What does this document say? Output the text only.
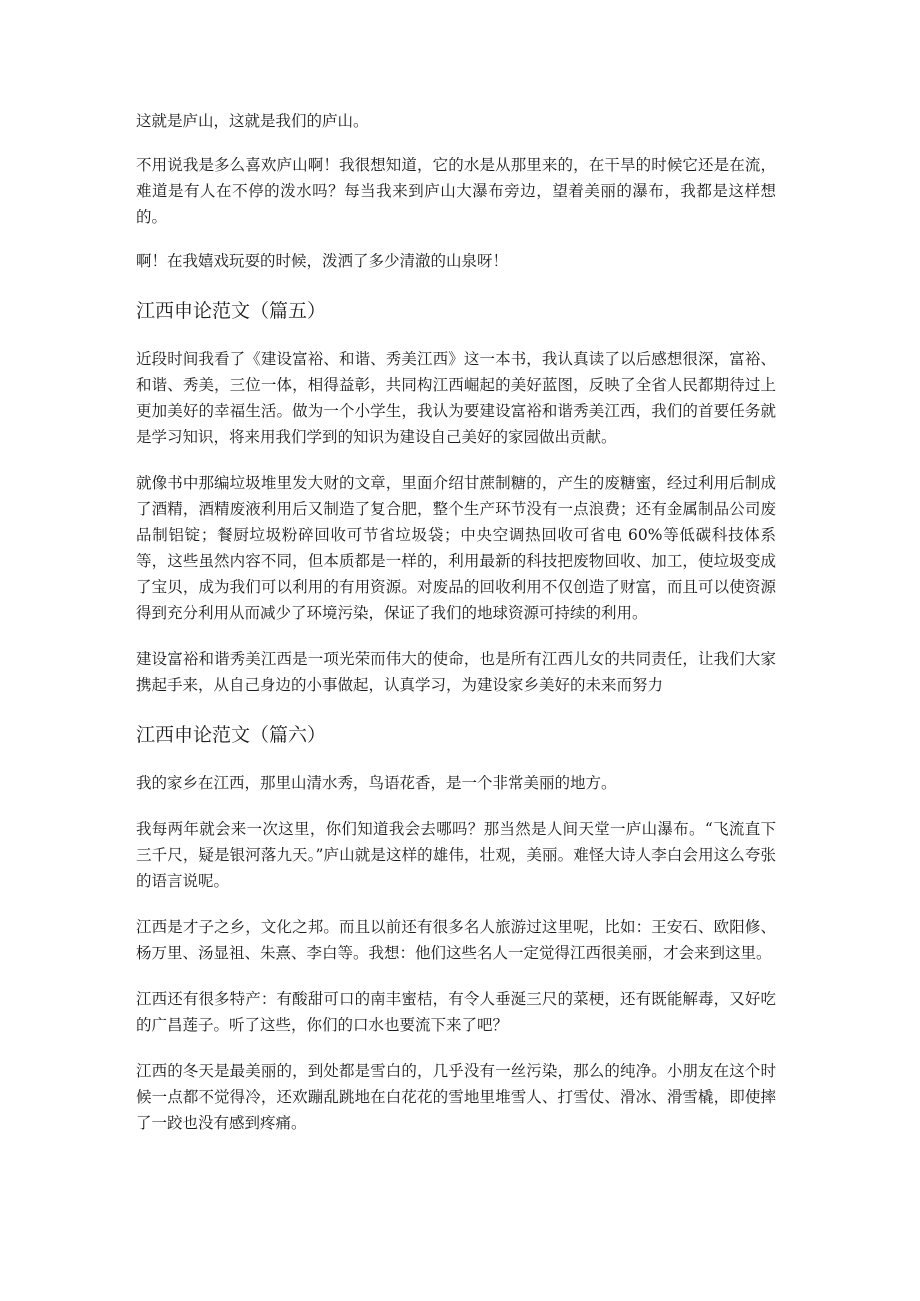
这就是庐山，这就是我们的庐山。

不用说我是多么喜欢庐山啊！我很想知道，它的水是从那里来的，在干旱的时候它还是在流，难道是有人在不停的泼水吗？每当我来到庐山大瀑布旁边，望着美丽的瀑布，我都是这样想的。

啊！在我嬉戏玩耍的时候，泼洒了多少清澈的山泉呀！

江西申论范文（篇五）

近段时间我看了《建设富裕、和谐、秀美江西》这一本书，我认真读了以后感想很深，富裕、和谐、秀美，三位一体，相得益彰，共同构江西崛起的美好蓝图，反映了全省人民都期待过上更加美好的幸福生活。做为一个小学生，我认为要建设富裕和谐秀美江西，我们的首要任务就是学习知识，将来用我们学到的知识为建设自己美好的家园做出贡献。

就像书中那编垃圾堆里发大财的文章，里面介绍甘蔗制糖的，产生的废糖蜜，经过利用后制成了酒精，酒精废液利用后又制造了复合肥，整个生产环节没有一点浪费；还有金属制品公司废品制铝锭；餐厨垃圾粉碎回收可节省垃圾袋；中央空调热回收可省电 60%等低碳科技体系等，这些虽然内容不同，但本质都是一样的，利用最新的科技把废物回收、加工，使垃圾变成了宝贝，成为我们可以利用的有用资源。对废品的回收利用不仅创造了财富，而且可以使资源得到充分利用从而减少了环境污染，保证了我们的地球资源可持续的利用。

建设富裕和谐秀美江西是一项光荣而伟大的使命，也是所有江西儿女的共同责任，让我们大家携起手来，从自己身边的小事做起，认真学习，为建设家乡美好的未来而努力

江西申论范文（篇六）

我的家乡在江西，那里山清水秀，鸟语花香，是一个非常美丽的地方。

我每两年就会来一次这里，你们知道我会去哪吗？那当然是人间天堂一庐山瀑布。“飞流直下三千尺，疑是银河落九天。”庐山就是这样的雄伟，壮观，美丽。难怪大诗人李白会用这么夸张的语言说呢。

江西是才子之乡，文化之邦。而且以前还有很多名人旅游过这里呢，比如：王安石、欧阳修、杨万里、汤显祖、朱熹、李白等。我想：他们这些名人一定觉得江西很美丽，才会来到这里。

江西还有很多特产：有酸甜可口的南丰蜜桔，有令人垂涎三尺的菜梗，还有既能解毒，又好吃的广昌莲子。听了这些，你们的口水也要流下来了吧？

江西的冬天是最美丽的，到处都是雪白的，几乎没有一丝污染，那么的纯净。小朋友在这个时候一点都不觉得冷，还欢蹦乱跳地在白花花的雪地里堆雪人、打雪仗、滑冰、滑雪橇，即使摔了一跤也没有感到疼痛。
